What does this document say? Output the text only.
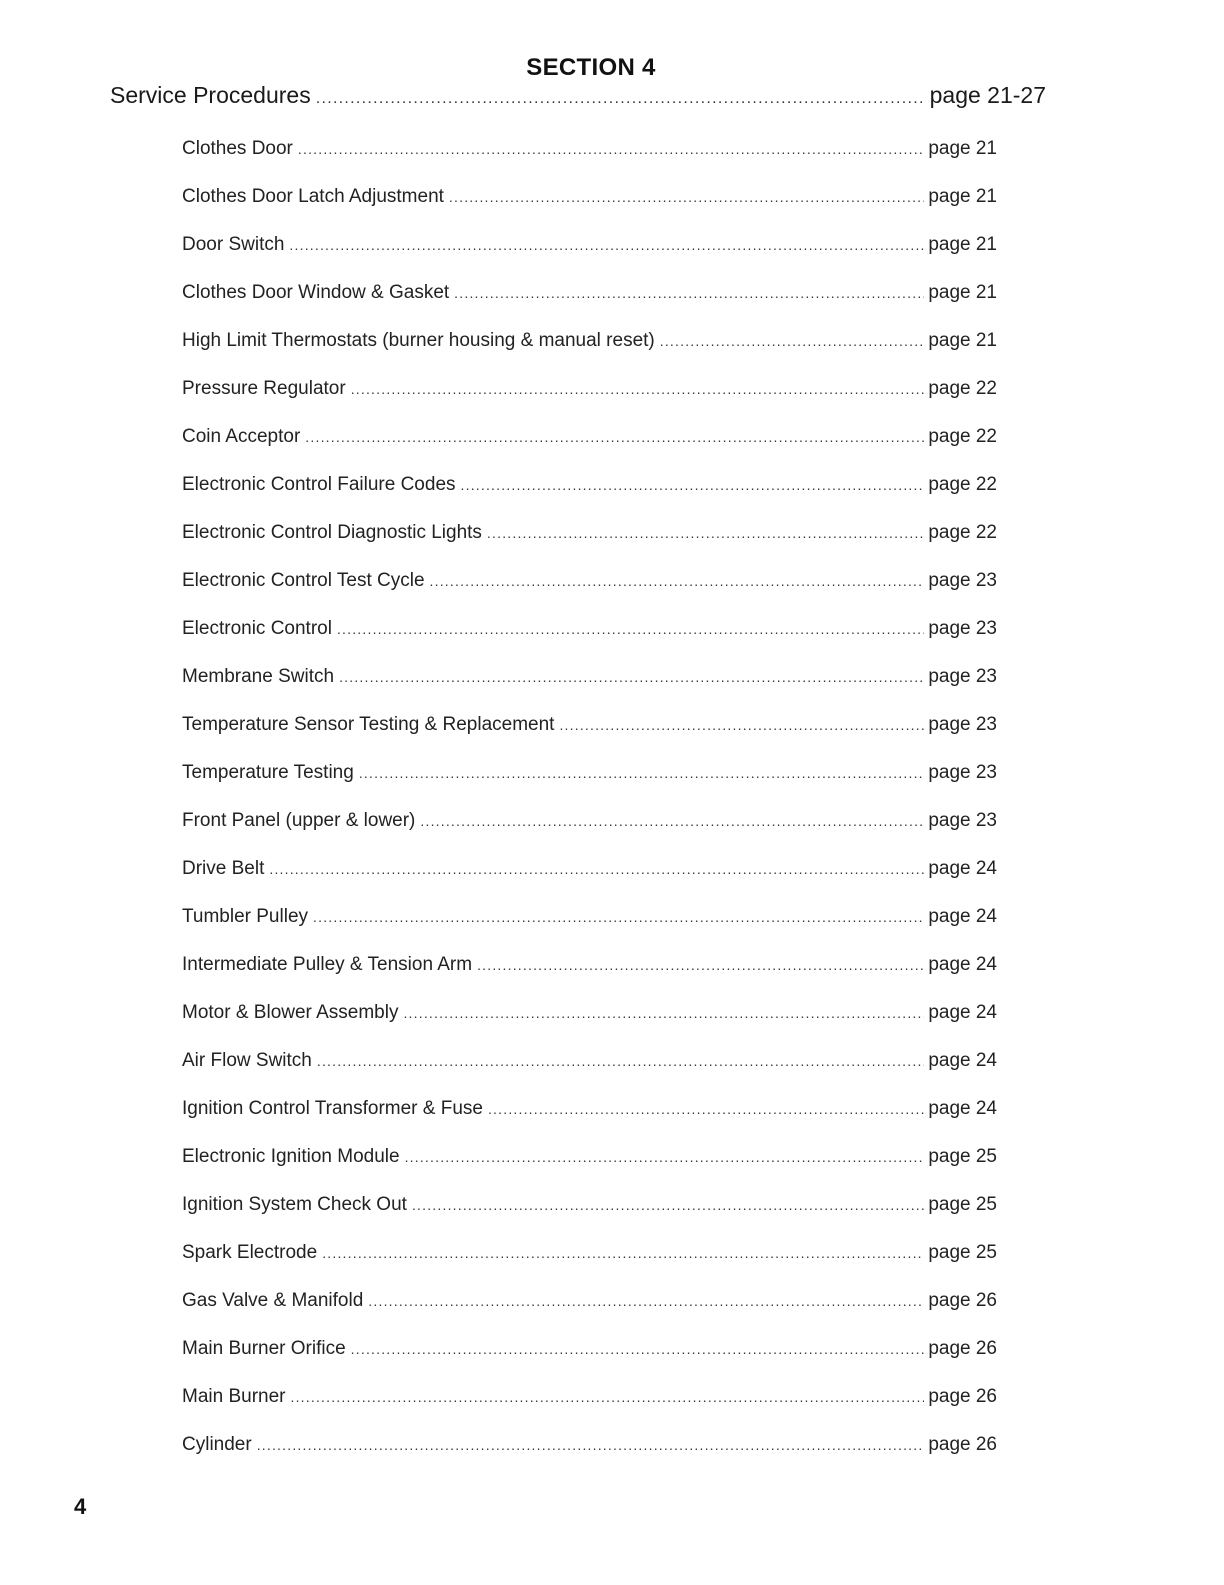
SECTION 4
Service Procedures .....	page 21-27
Clothes Door .....	page 21
Clothes Door Latch Adjustment .....	page 21
Door Switch .....	page 21
Clothes Door Window & Gasket .....	page 21
High Limit Thermostats (burner housing & manual reset) .....	page 21
Pressure Regulator .....	page 22
Coin Acceptor .....	page 22
Electronic Control Failure Codes .....	page 22
Electronic Control Diagnostic Lights .....	page 22
Electronic Control Test Cycle .....	page 23
Electronic Control .....	page 23
Membrane Switch .....	page 23
Temperature Sensor Testing & Replacement .....	page 23
Temperature Testing .....	page 23
Front Panel (upper & lower) .....	page 23
Drive Belt .....	page 24
Tumbler Pulley .....	page 24
Intermediate Pulley & Tension Arm .....	page 24
Motor & Blower Assembly .....	page 24
Air Flow Switch .....	page 24
Ignition Control Transformer & Fuse .....	page 24
Electronic Ignition Module .....	page 25
Ignition System Check Out .....	page 25
Spark Electrode .....	page 25
Gas Valve & Manifold .....	page 26
Main Burner Orifice .....	page 26
Main Burner .....	page 26
Cylinder .....	page 26
4
